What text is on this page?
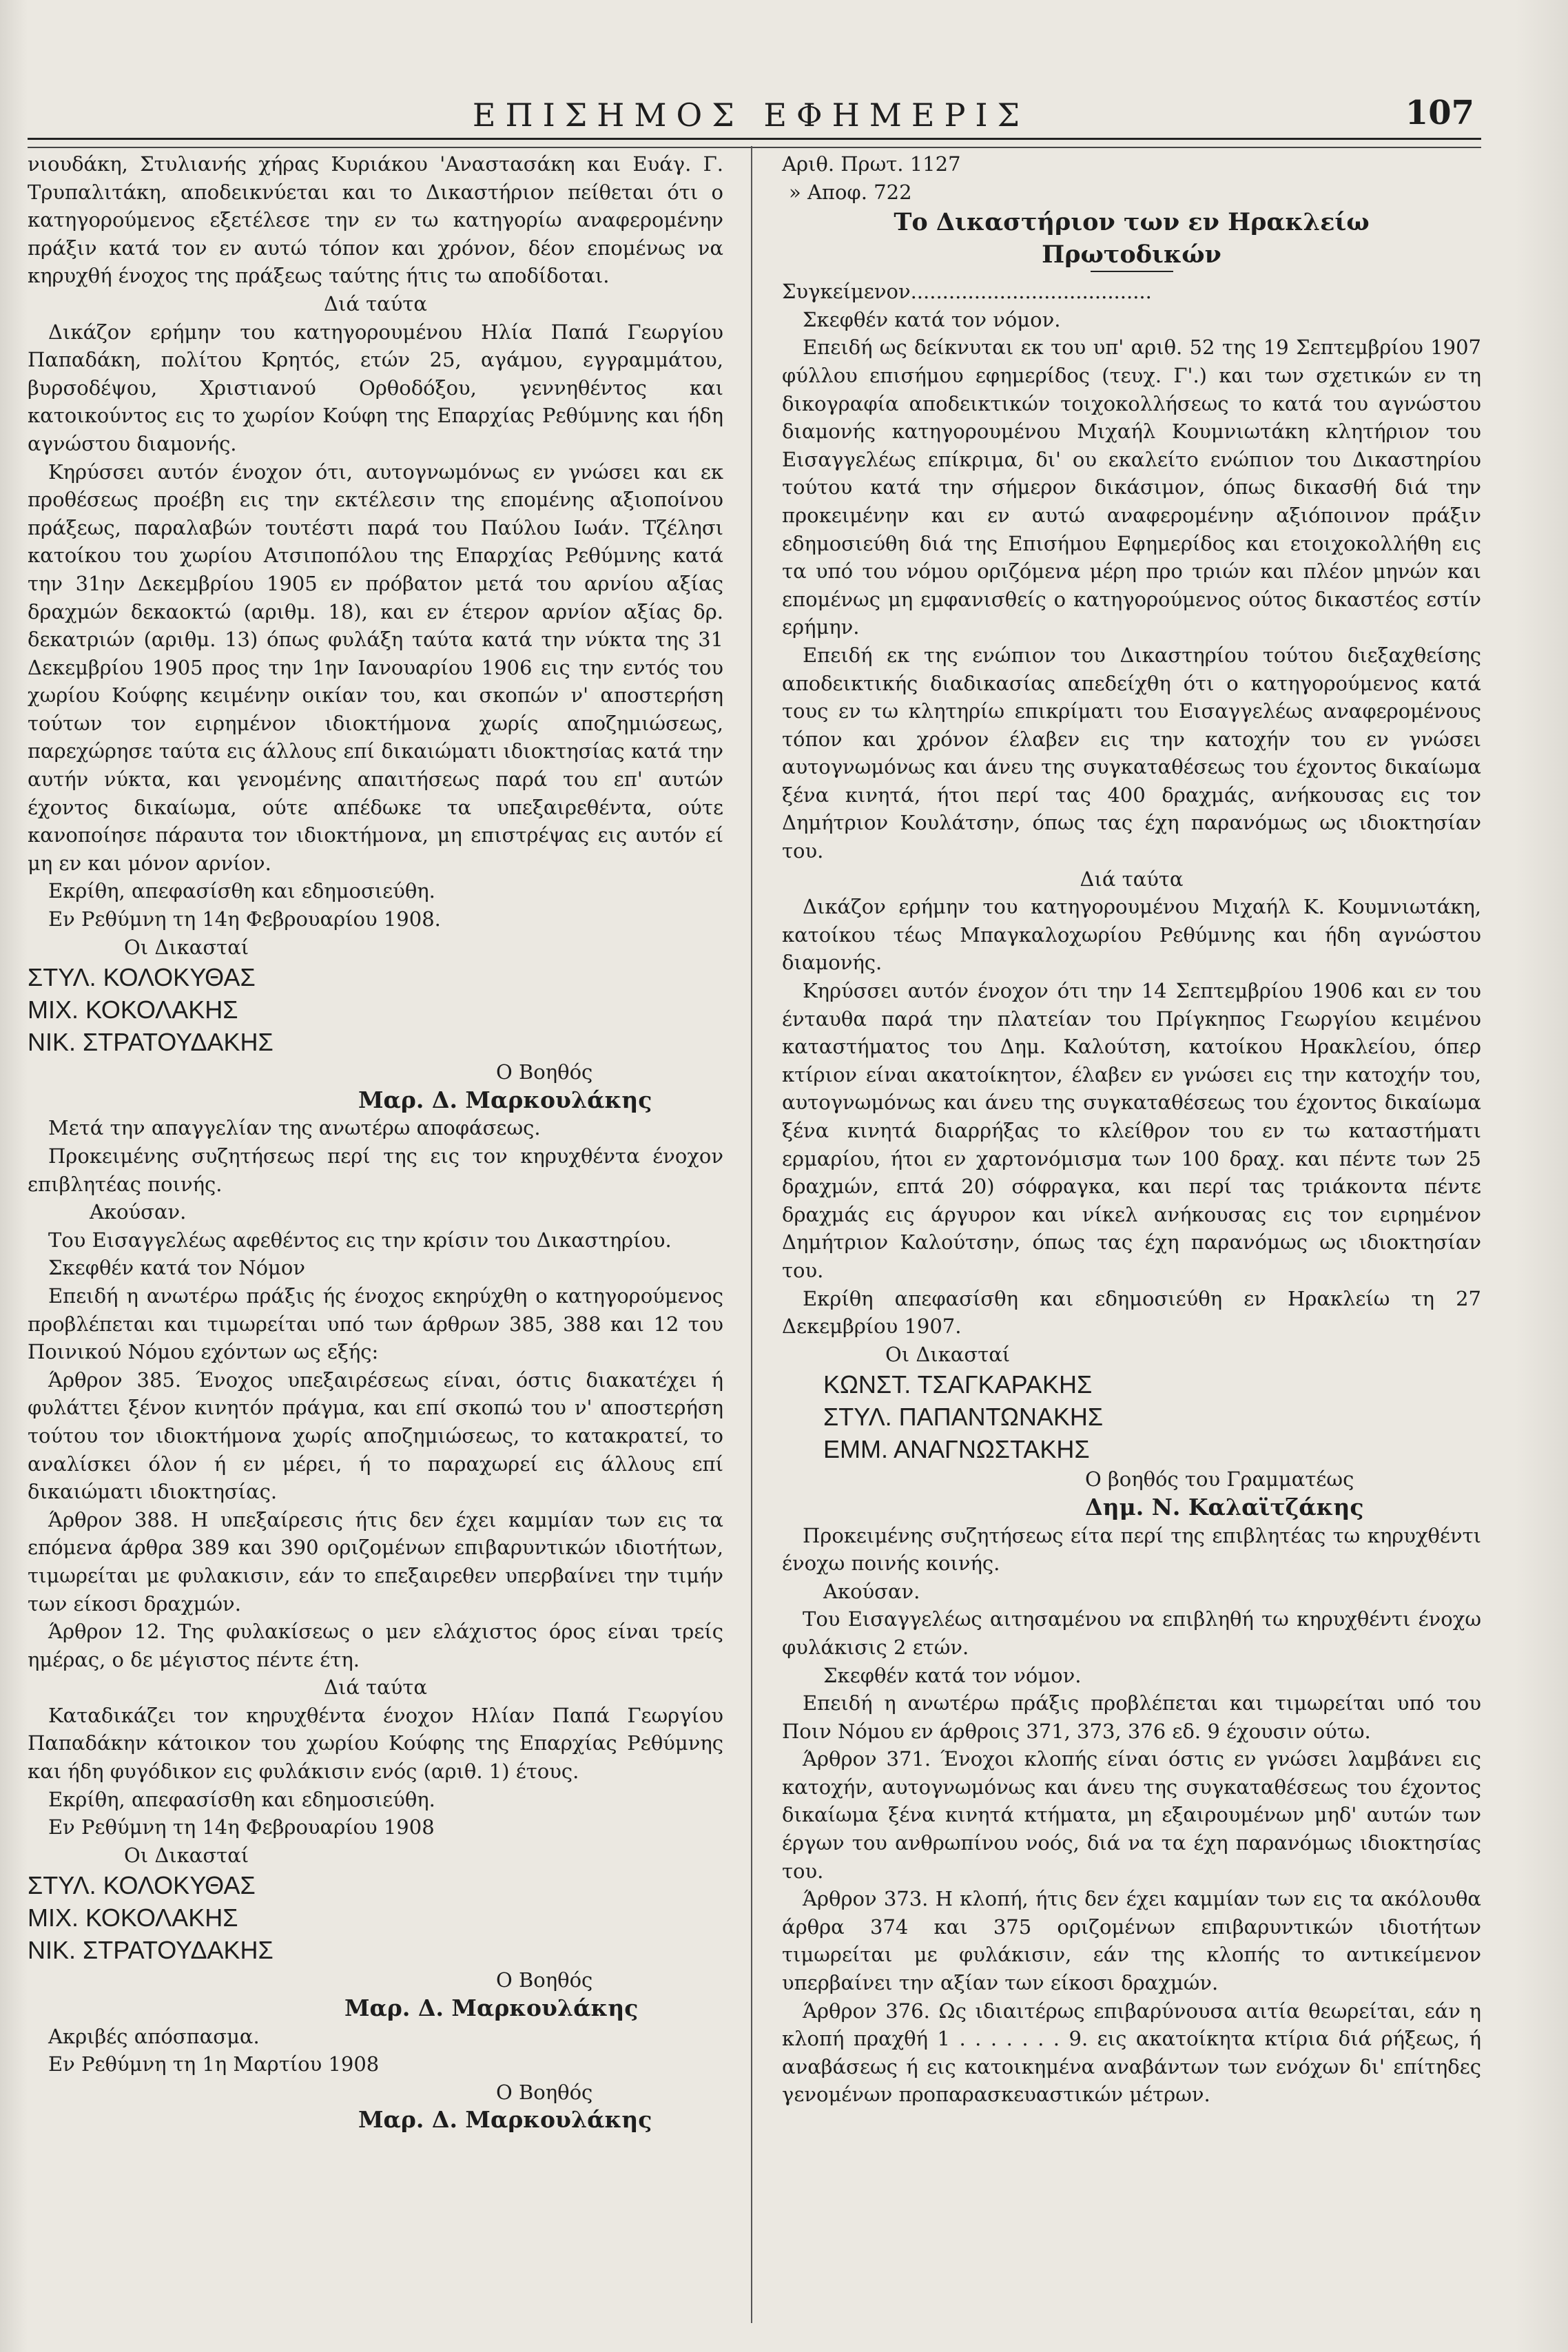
ΕΠΙΣΗΜΟΣ ΕΦΗΜΕΡΙΣ	107

νιουδάκη, Στυλιανής χήρας Κυριάκου 'Αναστασάκη και Ευάγ. Γ. Τρυπαλιτάκη, αποδεικνύεται και το Δικαστήριον πείθεται ότι ο κατηγορούμενος εξετέλεσε την εν τω κατηγορίω αναφερομένην πράξιν κατά τον εν αυτώ τόπον και χρόνον, δέον επομένως να κηρυχθή ένοχος της πράξεως ταύτης ήτις τω αποδίδοται.

Διά ταύτα

Δικάζον ερήμην του κατηγορουμένου Ηλία Παπά Γεωργίου Παπαδάκη, πολίτου Κρητός, ετών 25, αγάμου, εγγραμμάτου, βυρσοδέψου, Χριστιανού Ορθοδόξου, γεννηθέντος και κατοικούντος εις το χωρίον Κούφη της Επαρχίας Ρεθύμνης και ήδη αγνώστου διαμονής.

Κηρύσσει αυτόν ένοχον ότι, αυτογνωμόνως εν γνώσει και εκ προθέσεως προέβη εις την εκτέλεσιν της επομένης αξιοποίνου πράξεως, παραλαβών τουτέστι παρά του Παύλου Ιωάν. Τζέλησι κατοίκου του χωρίου Ατσιποπόλου της Επαρχίας Ρεθύμνης κατά την 31ην Δεκεμβρίου 1905 εν πρόβατον μετά του αρνίου αξίας δραχμών δεκαοκτώ (αριθμ. 18), και εν έτερον αρνίον αξίας δρ. δεκατριών (αριθμ. 13) όπως φυλάξη ταύτα κατά την νύκτα της 31 Δεκεμβρίου 1905 προς την 1ην Ιανουαρίου 1906 εις την εντός του χωρίου Κούφης κειμένην οικίαν του, και σκοπών ν' αποστερήση τούτων τον ειρημένον ιδιοκτήμονα χωρίς αποζημιώσεως, παρεχώρησε ταύτα εις άλλους επί δικαιώματι ιδιοκτησίας κατά την αυτήν νύκτα, και γενομένης απαιτήσεως παρά του επ' αυτών έχοντος δικαίωμα, ούτε απέδωκε τα υπεξαιρεθέντα, ούτε κανοποίησε πάραυτα τον ιδιοκτήμονα, μη επιστρέψας εις αυτόν εί μη εν και μόνον αρνίον.

Εκρίθη, απεφασίσθη και εδημοσιεύθη.

Εν Ρεθύμνη τη 14η Φεβρουαρίου 1908.

Οι Δικασταί

ΣΤΥΛ. ΚΟΛΟΚΥΘΑΣ

ΜΙΧ. ΚΟΚΟΛΑΚΗΣ

ΝΙΚ. ΣΤΡΑΤΟΥΔΑΚΗΣ

Ο Βοηθός

Μαρ. Δ. Μαρκουλάκης

Μετά την απαγγελίαν της ανωτέρω αποφάσεως.

Προκειμένης συζητήσεως περί της εις τον κηρυχθέντα ένοχον επιβλητέας ποινής.

Ακούσαν.

Του Εισαγγελέως αφεθέντος εις την κρίσιν του Δικαστηρίου.

Σκεφθέν κατά τον Νόμον

Επειδή η ανωτέρω πράξις ής ένοχος εκηρύχθη ο κατηγορούμενος προβλέπεται και τιμωρείται υπό των άρθρων 385, 388 και 12 του Ποινικού Νόμου εχόντων ως εξής:

Άρθρον 385. Ένοχος υπεξαιρέσεως είναι, όστις διακατέχει ή φυλάττει ξένον κινητόν πράγμα, και επί σκοπώ του ν' αποστερήση τούτου τον ιδιοκτήμονα χωρίς αποζημιώσεως, το κατακρατεί, το αναλίσκει όλον ή εν μέρει, ή το παραχωρεί εις άλλους επί δικαιώματι ιδιοκτησίας.

Άρθρον 388. Η υπεξαίρεσις ήτις δεν έχει καμμίαν των εις τα επόμενα άρθρα 389 και 390 οριζομένων επιβαρυντικών ιδιοτήτων, τιμωρείται με φυλακισιν, εάν το επεξαιρεθεν υπερβαίνει την τιμήν των είκοσι δραχμών.

Άρθρον 12. Της φυλακίσεως ο μεν ελάχιστος όρος είναι τρείς ημέρας, ο δε μέγιστος πέντε έτη.

Διά ταύτα

Καταδικάζει τον κηρυχθέντα ένοχον Ηλίαν Παπά Γεωργίου Παπαδάκην κάτοικον του χωρίου Κούφης της Επαρχίας Ρεθύμνης και ήδη φυγόδικον εις φυλάκισιν ενός (αριθ. 1) έτους.

Εκρίθη, απεφασίσθη και εδημοσιεύθη.

Εν Ρεθύμνη τη 14η Φεβρουαρίου 1908

Οι Δικασταί

ΣΤΥΛ. ΚΟΛΟΚΥΘΑΣ

ΜΙΧ. ΚΟΚΟΛΑΚΗΣ

ΝΙΚ. ΣΤΡΑΤΟΥΔΑΚΗΣ

Ο Βοηθός

Μαρ. Δ. Μαρκουλάκης

Ακριβές απόσπασμα.

Εν Ρεθύμνη τη 1η Μαρτίου 1908

Ο Βοηθός

Μαρ. Δ. Μαρκουλάκης

Αριθ. Πρωτ. 1127

» Αποφ. 722

Το Δικαστήριον των εν Ηρακλείω

Πρωτοδικών

Συγκείμενον......................................

Σκεφθέν κατά τον νόμον.

Επειδή ως δείκνυται εκ του υπ' αριθ. 52 της 19 Σεπτεμβρίου 1907 φύλλου επισήμου εφημερίδος (τευχ. Γ'.) και των σχετικών εν τη δικογραφία αποδεικτικών τοιχοκολλήσεως το κατά του αγνώστου διαμονής κατηγορουμένου Μιχαήλ Κουμνιωτάκη κλητήριον του Εισαγγελέως επίκριμα, δι' ου εκαλείτο ενώπιον του Δικαστηρίου τούτου κατά την σήμερον δικάσιμον, όπως δικασθή διά την προκειμένην και εν αυτώ αναφερομένην αξιόποινον πράξιν εδημοσιεύθη διά της Επισήμου Εφημερίδος και ετοιχοκολλήθη εις τα υπό του νόμου οριζόμενα μέρη προ τριών και πλέον μηνών και επομένως μη εμφανισθείς ο κατηγορούμενος ούτος δικαστέος εστίν ερήμην.

Επειδή εκ της ενώπιον του Δικαστηρίου τούτου διεξαχθείσης αποδεικτικής διαδικασίας απεδείχθη ότι ο κατηγορούμενος κατά τους εν τω κλητηρίω επικρίματι του Εισαγγελέως αναφερομένους τόπον και χρόνον έλαβεν εις την κατοχήν του εν γνώσει αυτογνωμόνως και άνευ της συγκαταθέσεως του έχοντος δικαίωμα ξένα κινητά, ήτοι περί τας 400 δραχμάς, ανήκουσας εις τον Δημήτριον Κουλάτσην, όπως τας έχη παρανόμως ως ιδιοκτησίαν του.

Διά ταύτα

Δικάζον ερήμην του κατηγορουμένου Μιχαήλ Κ. Κουμνιωτάκη, κατοίκου τέως Μπαγκαλοχωρίου Ρεθύμνης και ήδη αγνώστου διαμονής.

Κηρύσσει αυτόν ένοχον ότι την 14 Σεπτεμβρίου 1906 και εν του ένταυθα παρά την πλατείαν του Πρίγκηπος Γεωργίου κειμένου καταστήματος του Δημ. Καλούτση, κατοίκου Ηρακλείου, όπερ κτίριον είναι ακατοίκητον, έλαβεν εν γνώσει εις την κατοχήν του, αυτογνωμόνως και άνευ της συγκαταθέσεως του έχοντος δικαίωμα ξένα κινητά διαρρήξας το κλείθρον του εν τω καταστήματι ερμαρίου, ήτοι εν χαρτονόμισμα των 100 δραχ. και πέντε των 25 δραχμών, επτά 20) σόφραγκα, και περί τας τριάκοντα πέντε δραχμάς εις άργυρον και νίκελ ανήκουσας εις τον ειρημένον Δημήτριον Καλούτσην, όπως τας έχη παρανόμως ως ιδιοκτησίαν του.

Εκρίθη απεφασίσθη και εδημοσιεύθη εν Ηρακλείω τη 27 Δεκεμβρίου 1907.

Οι Δικασταί

ΚΩΝΣΤ. ΤΣΑΓΚΑΡΑΚΗΣ

ΣΤΥΛ. ΠΑΠΑΝΤΩΝΑΚΗΣ

ΕΜΜ. ΑΝΑΓΝΩΣΤΑΚΗΣ

Ο βοηθός του Γραμματέως

Δημ. Ν. Καλαϊτζάκης

Προκειμένης συζητήσεως είτα περί της επιβλητέας τω κηρυχθέντι ένοχω ποινής κοινής.

Ακούσαν.

Του Εισαγγελέως αιτησαμένου να επιβληθή τω κηρυχθέντι ένοχω φυλάκισις 2 ετών.

Σκεφθέν κατά τον νόμον.

Επειδή η ανωτέρω πράξις προβλέπεται και τιμωρείται υπό του Ποιν Νόμου εν άρθροις 371, 373, 376 εδ. 9 έχουσιν ούτω.

Άρθρον 371. Ένοχοι κλοπής είναι όστις εν γνώσει λαμβάνει εις κατοχήν, αυτογνωμόνως και άνευ της συγκαταθέσεως του έχοντος δικαίωμα ξένα κινητά κτήματα, μη εξαιρουμένων μηδ' αυτών των έργων του ανθρωπίνου νοός, διά να τα έχη παρανόμως ιδιοκτησίας του.

Άρθρον 373. Η κλοπή, ήτις δεν έχει καμμίαν των εις τα ακόλουθα άρθρα 374 και 375 οριζομένων επιβαρυντικών ιδιοτήτων τιμωρείται με φυλάκισιν, εάν της κλοπής το αντικείμενον υπερβαίνει την αξίαν των είκοσι δραχμών.

Άρθρον 376. Ως ιδιαιτέρως επιβαρύνουσα αιτία θεωρείται, εάν η κλοπή πραχθή 1 . . . . . . . 9. εις ακατοίκητα κτίρια διά ρήξεως, ή αναβάσεως ή εις κατοικημένα αναβάντων των ενόχων δι' επίτηδες γενομένων προπαρασκευαστικών μέτρων.
